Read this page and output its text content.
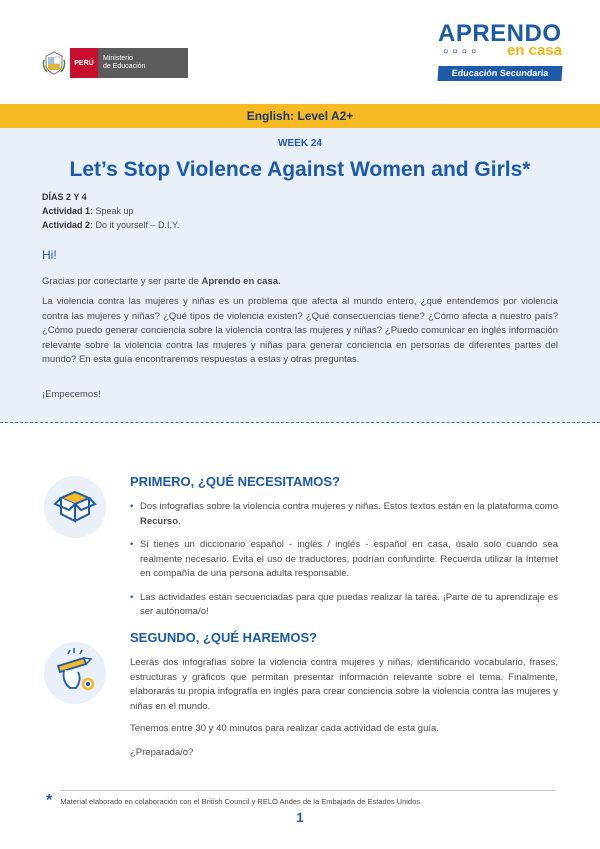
PERÚ
Ministerio
de Educación
APRENDO
◘ ◘ ◘ ◘	en casa
Educación Secundaria
English: Level A2+
WEEK 24
Let’s Stop Violence Against Women and Girls*
DÍAS 2 Y 4
Actividad 1: Speak up
Actividad 2: Do it yourself – D.I.Y.
Hi!
Gracias por conectarte y ser parte de Aprendo en casa.
La violencia contra las mujeres y niñas es un problema que afecta al mundo entero, ¿qué entendemos por violencia contra las mujeres y niñas? ¿Qué tipos de violencia existen? ¿Qué consecuencias tiene? ¿Cómo afecta a nuestro país? ¿Cómo puedo generar conciencia sobre la violencia contra las mujeres y niñas? ¿Puedo comunicar en inglés información relevante sobre la violencia contra las mujeres y niñas para generar conciencia en personas de diferentes partes del mundo? En esta guía encontraremos respuestas a estas y otras preguntas.
¡Empecemos!
PRIMERO, ¿QUÉ NECESITAMOS?
• Dos infografías sobre la violencia contra mujeres y niñas. Estos textos están en la plataforma como Recurso.
• Si tienes un diccionario español - inglés / inglés - español en casa, úsalo solo cuando sea realmente necesario. Evita el uso de traductores, podrían confundirte. Recuerda utilizar la Internet en compañía de una persona adulta responsable.
• Las actividades están secuenciadas para que puedas realizar la tarea. ¡Parte de tu aprendizaje es ser autónoma/o!
SEGUNDO, ¿QUÉ HAREMOS?
Leerás dos infografías sobre la violencia contra mujeres y niñas, identificando vocabulario, frases, estructuras y gráficos que permitan presentar información relevante sobre el tema. Finalmente, elaborarás tu propia infografía en inglés para crear conciencia sobre la violencia contra las mujeres y niñas en el mundo.
Tenemos entre 30 y 40 minutos para realizar cada actividad de esta guía.
¿Preparada/o?
* Material elaborado en colaboración con el British Council y RELO Andes de la Embajada de Estados Unidos.
1
